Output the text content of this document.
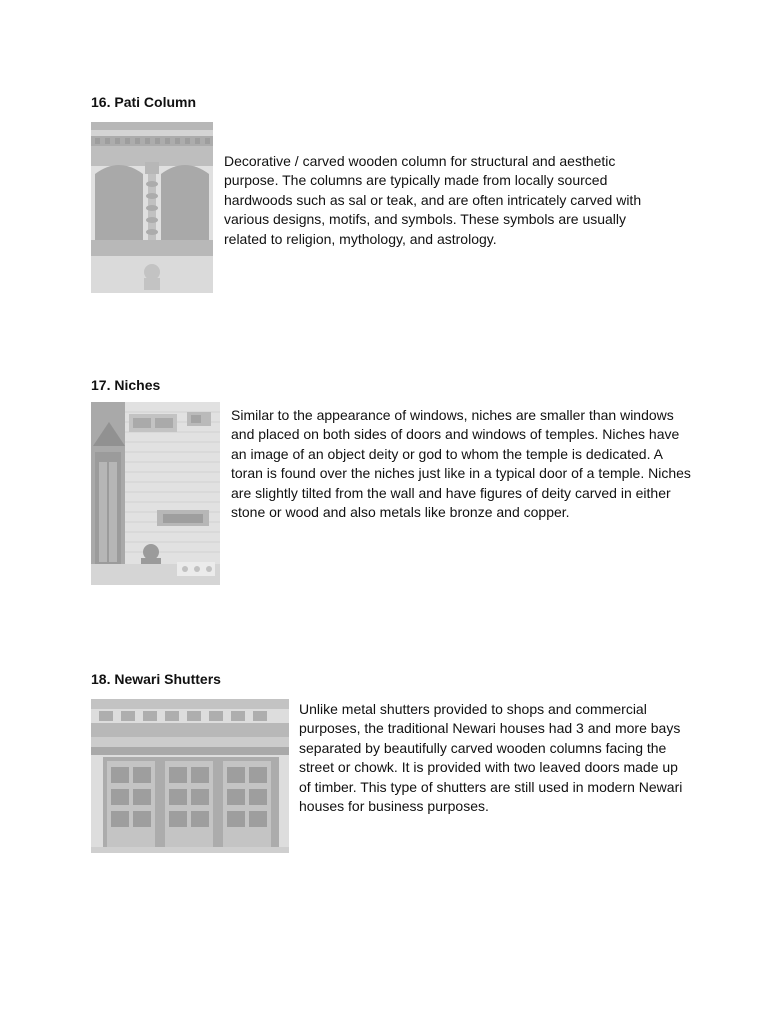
16. Pati Column

Decorative / carved wooden column for structural and aesthetic purpose. The columns are typically made from locally sourced hardwoods such as sal or teak, and are often intricately carved with various designs, motifs, and symbols. These symbols are usually related to religion, mythology, and astrology.

17. Niches

Similar to the appearance of windows, niches are smaller than windows and placed on both sides of doors and windows of temples. Niches have an image of an object deity or god to whom the temple is dedicated. A toran is found over the niches just like in a typical door of a temple. Niches are slightly tilted from the wall and have figures of deity carved in either stone or wood and also metals like bronze and copper.

18. Newari Shutters

Unlike metal shutters provided to shops and commercial purposes, the traditional Newari houses had 3 and more bays separated by beautifully carved wooden columns facing the street or chowk. It is provided with two leaved doors made up of timber. This type of shutters are still used in modern Newari houses for business purposes.
